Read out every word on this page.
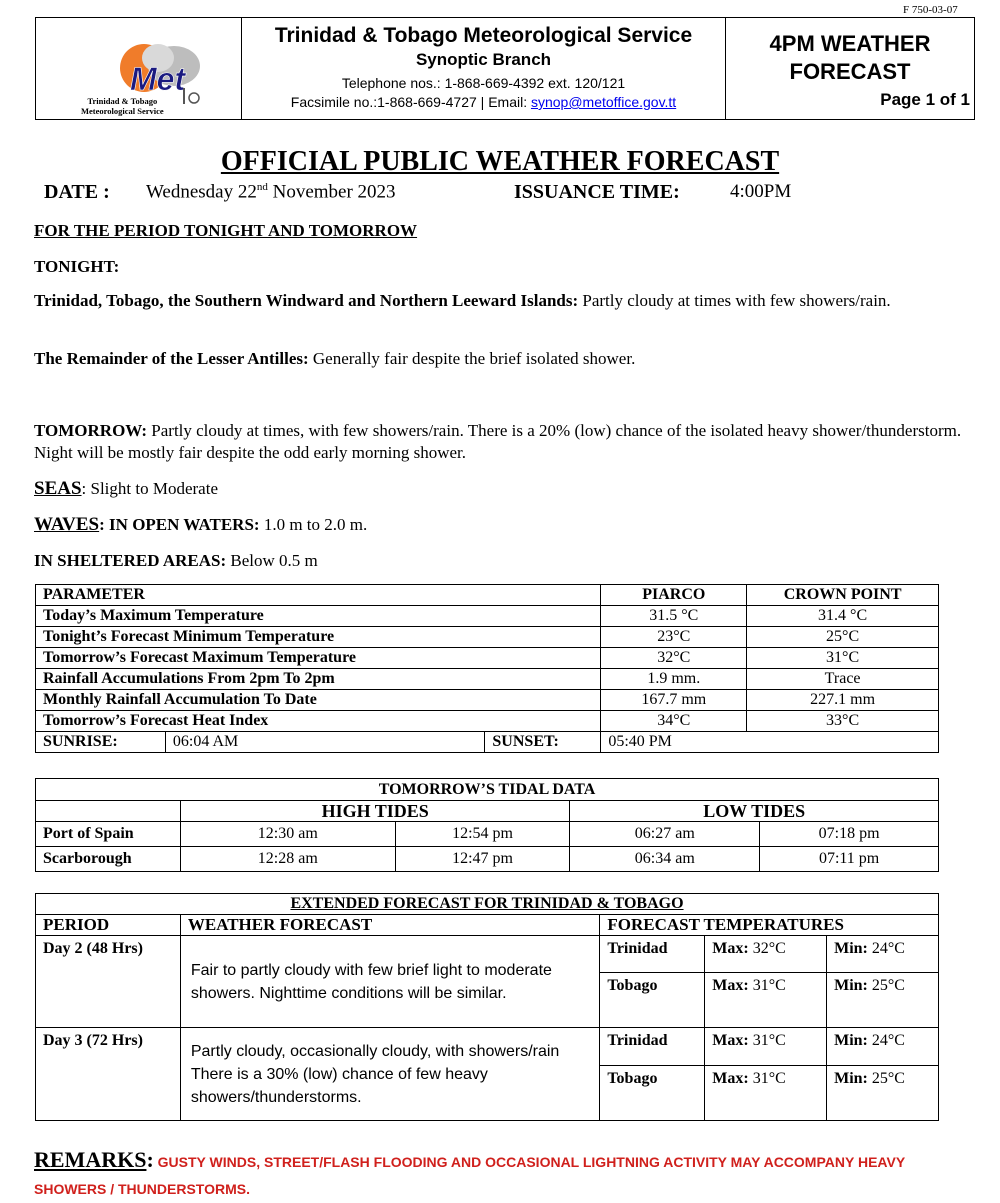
F 750-03-07
Met
Trinidad & Tobago
Meteorological Service
Trinidad & Tobago Meteorological Service
Synoptic Branch
Telephone nos.: 1-868-669-4392 ext. 120/121
Facsimile no.:1-868-669-4727 | Email: synop@metoffice.gov.tt
4PM WEATHER
FORECAST
Page 1 of 1
OFFICIAL PUBLIC WEATHER FORECAST
DATE : Wednesday 22nd November 2023	ISSUANCE TIME:	4:00PM
FOR THE PERIOD TONIGHT AND TOMORROW
TONIGHT:
Trinidad, Tobago, the Southern Windward and Northern Leeward Islands: Partly cloudy at times with few showers/rain.
The Remainder of the Lesser Antilles: Generally fair despite the brief isolated shower.
TOMORROW: Partly cloudy at times, with few showers/rain. There is a 20% (low) chance of the isolated heavy shower/thunderstorm. Night will be mostly fair despite the odd early morning shower.
SEAS: Slight to Moderate
WAVES: IN OPEN WATERS: 1.0 m to 2.0 m.
IN SHELTERED AREAS: Below 0.5 m
PARAMETER			PIARCO	CROWN POINT
Today’s Maximum Temperature			31.5 °C	31.4 °C
Tonight’s Forecast Minimum Temperature			23°C	25°C
Tomorrow’s Forecast Maximum Temperature			32°C	31°C
Rainfall Accumulations From 2pm To 2pm			1.9 mm.	Trace
Monthly Rainfall Accumulation To Date			167.7 mm	227.1 mm
Tomorrow’s Forecast Heat Index			34°C	33°C
SUNRISE:	06:04 AM	SUNSET:	05:40 PM	
TOMORROW’S TIDAL DATA				
	HIGH TIDES		LOW TIDES	
Port of Spain	12:30 am	12:54 pm	06:27 am	07:18 pm
Scarborough	12:28 am	12:47 pm	06:34 am	07:11 pm
EXTENDED FORECAST FOR TRINIDAD & TOBAGO				
PERIOD	WEATHER FORECAST	FORECAST TEMPERATURES		
Day 2 (48 Hrs)	Fair to partly cloudy with few brief light to moderate showers. Nighttime conditions will be similar.	Trinidad	Max: 32°C	Min: 24°C
		Tobago	Max: 31°C	Min: 25°C
Day 3 (72 Hrs)	Partly cloudy, occasionally cloudy, with showers/rain There is a 30% (low) chance of few heavy showers/thunderstorms.	Trinidad	Max: 31°C	Min: 24°C
		Tobago	Max: 31°C	Min: 25°C
REMARKS: GUSTY WINDS, STREET/FLASH FLOODING AND OCCASIONAL LIGHTNING ACTIVITY MAY ACCOMPANY HEAVY SHOWERS / THUNDERSTORMS.
